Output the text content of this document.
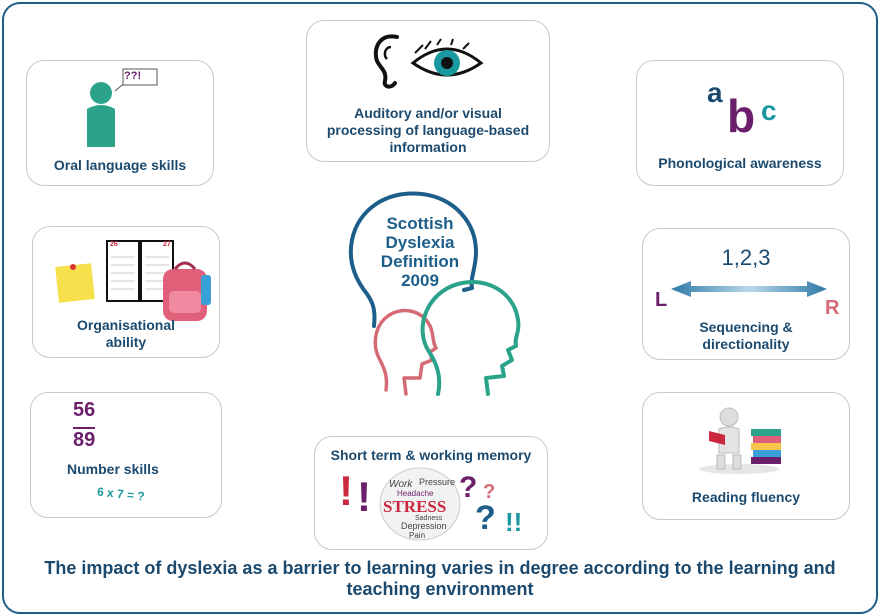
??!
Oral language skills
Auditory and/or visual processing of language-based information
a b c
Phonological awareness
26	27
Organisational ability
1,2,3
L	R
Sequencing & directionality
56
89
Number skills
6 x 7 = ?
Short term & working memory
! ! Work Pressure
Headache
STRESS
Sadness
Depression
Pain
? ?
? !!
Reading fluency
Scottish
Dyslexia
Definition
2009
The impact of dyslexia as a barrier to learning varies in degree according to the learning and teaching environment
